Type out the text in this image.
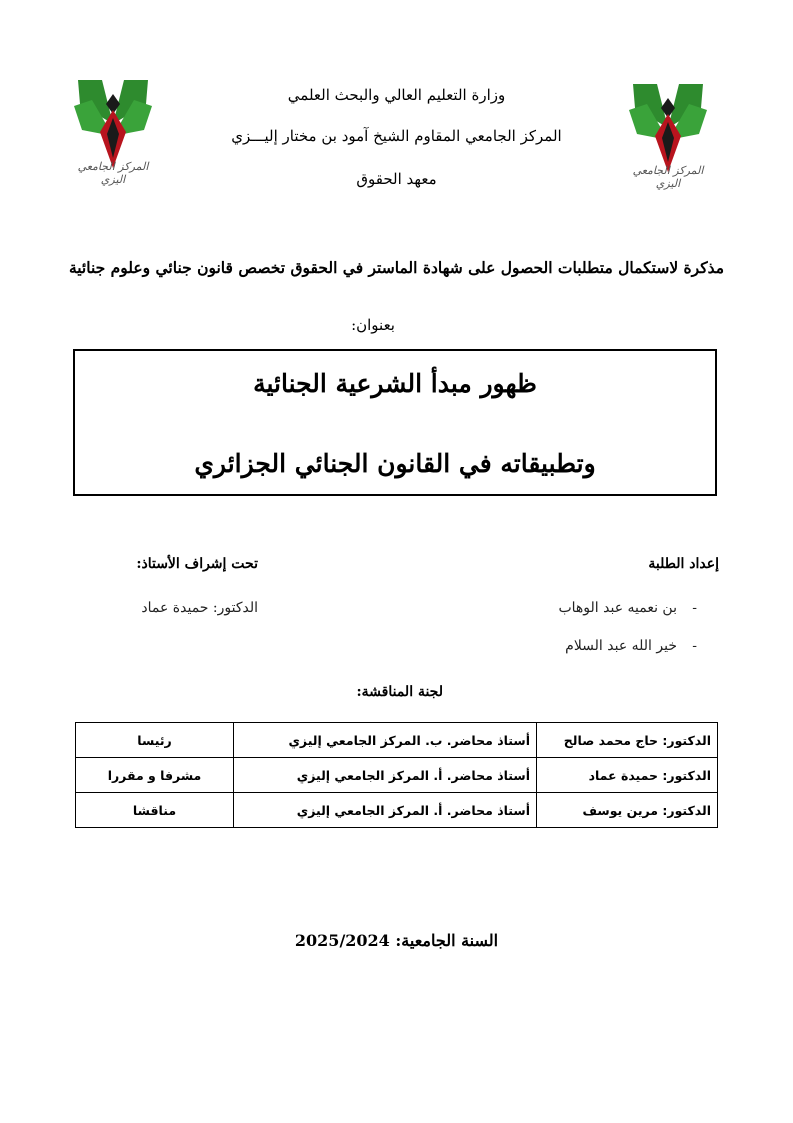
المركز الجامعي اليزي
المركز الجامعي اليزي
وزارة التعليم العالي والبحث العلمي
المركز الجامعي المقاوم الشيخ آمود بن مختار إليـــزي
معهد الحقوق
مذكرة لاستكمال متطلبات الحصول على شهادة الماستر في الحقوق تخصص قانون جنائي وعلوم جنائية
بعنوان:
ظهور مبدأ الشرعية الجنائية
وتطبيقاته في القانون الجنائي الجزائري
إعداد الطلبة
تحت إشراف الأستاذ:
-
بن نعميه عبد الوهاب
-
خير الله عبد السلام
الدكتور: حميدة عماد
لجنة المناقشة:
الدكتور: حاج محمد صالح	أستاذ محاضر. ب. المركز الجامعي إليزي	رئيسا
الدكتور: حميدة عماد	أستاذ محاضر. أ. المركز الجامعي إليزي	مشرفا و مقررا
الدكتور: مرين يوسف	أستاذ محاضر. أ. المركز الجامعي إليزي	مناقشا
السنة الجامعية: 2025/2024
